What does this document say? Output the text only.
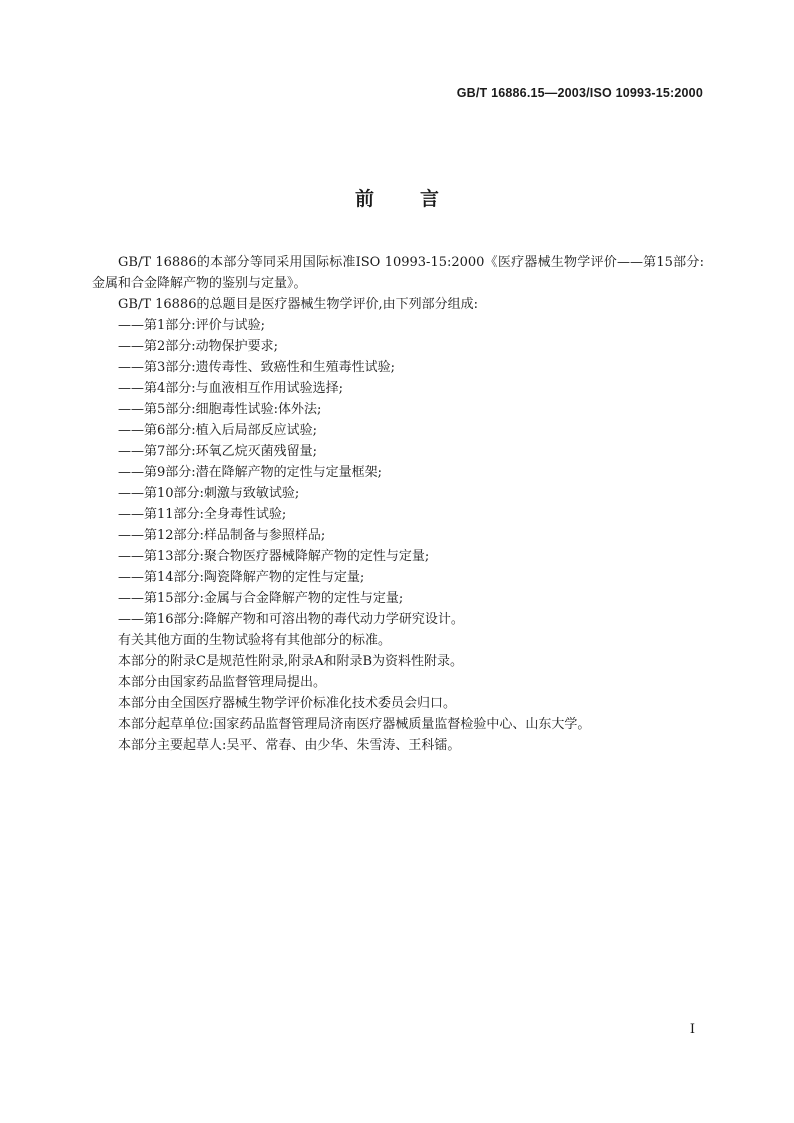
GB/T 16886.15—2003/ISO 10993-15:2000
前 言

GB/T 16886的本部分等同采用国际标准ISO 10993-15:2000《医疗器械生物学评价——第15部分:金属和合金降解产物的鉴别与定量》。

GB/T 16886的总题目是医疗器械生物学评价,由下列部分组成:

——第1部分:评价与试验;
——第2部分:动物保护要求;
——第3部分:遗传毒性、致癌性和生殖毒性试验;
——第4部分:与血液相互作用试验选择;
——第5部分:细胞毒性试验:体外法;
——第6部分:植入后局部反应试验;
——第7部分:环氧乙烷灭菌残留量;
——第9部分:潜在降解产物的定性与定量框架;
——第10部分:刺激与致敏试验;
——第11部分:全身毒性试验;
——第12部分:样品制备与参照样品;
——第13部分:聚合物医疗器械降解产物的定性与定量;
——第14部分:陶瓷降解产物的定性与定量;
——第15部分:金属与合金降解产物的定性与定量;
——第16部分:降解产物和可溶出物的毒代动力学研究设计。

有关其他方面的生物试验将有其他部分的标准。

本部分的附录C是规范性附录,附录A和附录B为资料性附录。

本部分由国家药品监督管理局提出。

本部分由全国医疗器械生物学评价标准化技术委员会归口。

本部分起草单位:国家药品监督管理局济南医疗器械质量监督检验中心、山东大学。

本部分主要起草人:吴平、常春、由少华、朱雪涛、王科镭。

I
